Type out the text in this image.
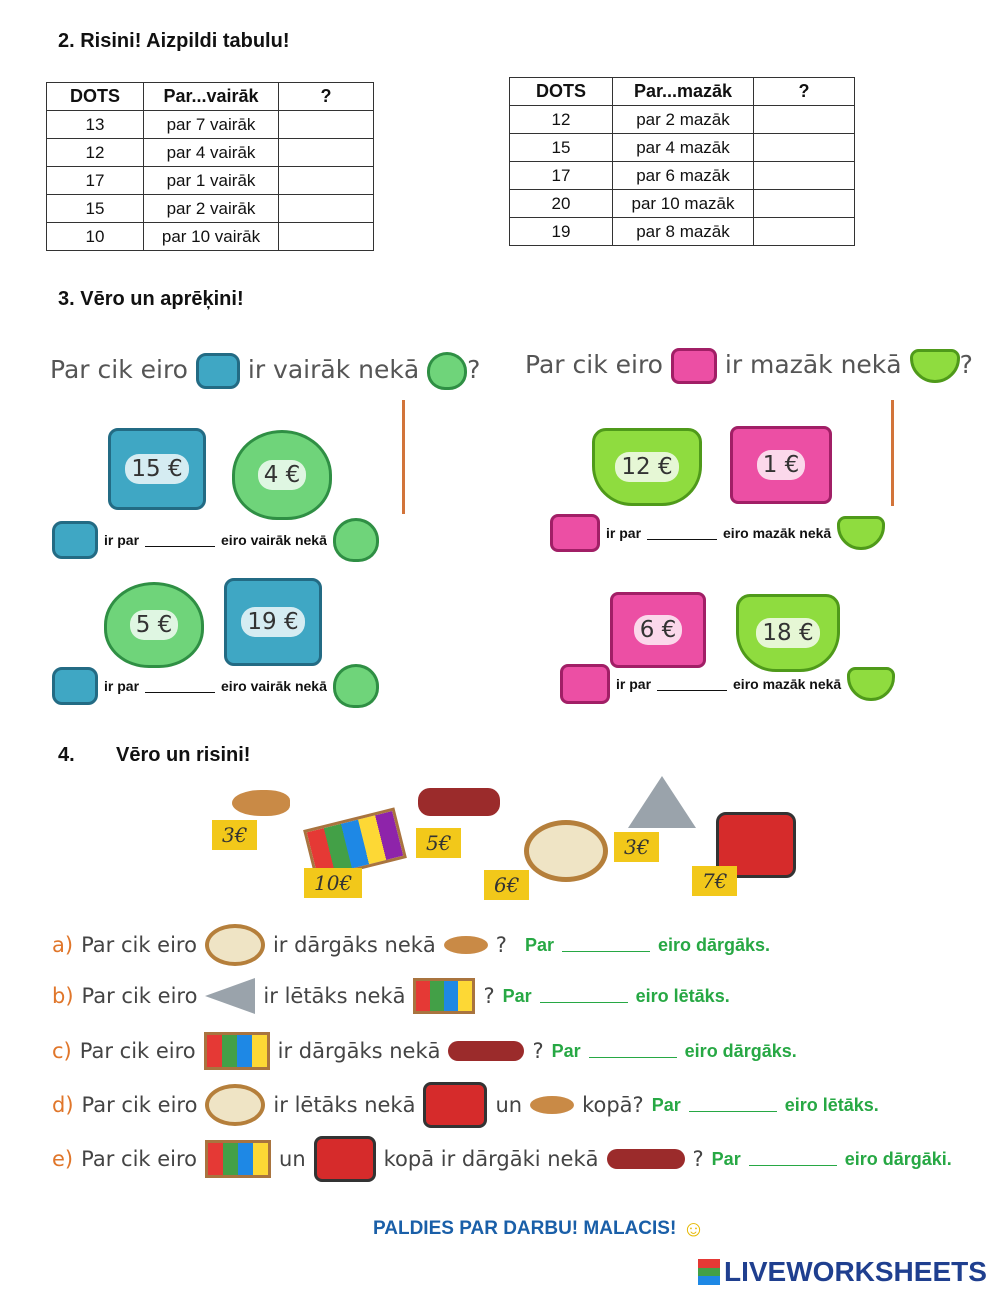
2. Risini! Aizpildi tabulu!
DOTS	Par...vairāk	?
13	par 7 vairāk	
12	par 4 vairāk	
17	par 1 vairāk	
15	par 2 vairāk	
10	par 10 vairāk	
DOTS	Par...mazāk	?
12	par 2 mazāk	
15	par 4 mazāk	
17	par 6 mazāk	
20	par 10 mazāk	
19	par 8 mazāk	
3. Vēro un aprēķini!
Par cik eiro ir vairāk nekā ? Par cik eiro ir mazāk nekā ?
15 €	4 €
ir par	eiro vairāk nekā
5 €	19 €
ir par	eiro vairāk nekā
12 €	1 €
ir par	eiro mazāk nekā
6 €	18 €
ir par	eiro mazāk nekā
4. Vēro un risini!
3€
10€
5€
6€
3€
7€
a) Par cik eiro	ir dārgāks nekā	? Par	eiro dārgāks.
b) Par cik eiro	ir lētāks nekā	? Par	eiro lētāks.
c) Par cik eiro	ir dārgāks nekā	? Par	eiro dārgāks.
d) Par cik eiro	ir lētāks nekā	un	kopā? Par	eiro lētāks.
e) Par cik eiro	un	kopā ir dārgāki nekā	? Par	eiro dārgāki.
PALDIES PAR DARBU! MALACIS! ☺
LIVEWORKSHEETS
